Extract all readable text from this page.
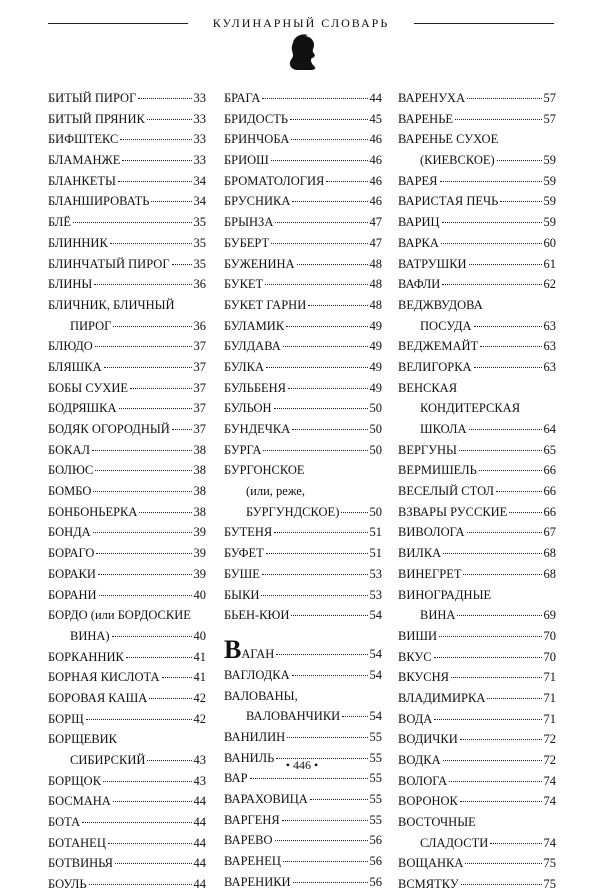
КУЛИНАРНЫЙ СЛОВАРЬ
БИТЫЙ ПИРОГ	33
БИТЫЙ ПРЯНИК	33
БИФШТЕКС	33
БЛАМАНЖЕ	33
БЛАНКЕТЫ	34
БЛАНШИРОВАТЬ	34
БЛЁ	35
БЛИННИК	35
БЛИНЧАТЫЙ ПИРОГ 35
БЛИНЫ	36
БЛИЧНИК, БЛИЧНЫЙ
ПИРОГ	36
БЛЮДО	37
БЛЯШКА	37
БОБЫ СУХИЕ	37
БОДРЯШКА	37
БОДЯК ОГОРОДНЫЙ 37
БОКАЛ	38
БОЛЮС	38
БОМБО	38
БОНБОНЬЕРКА	38
БОНДА	39
БОРАГО	39
БОРАКИ	39
БОРАНИ	40
БОРДО (или БОРДОСКИЕ
ВИНА)	40
БОРКАННИК	41
БОРНАЯ КИСЛОТА	41
БОРОВАЯ КАША	42
БОРЩ	42
БОРЩЕВИК
СИБИРСКИЙ	43
БОРЩОК	43
БОСМАНА	44
БОТА	44
БОТАНЕЦ	44
БОТВИНЬЯ	44
БОУЛЬ	44
БРАГА	44
БРИДОСТЬ	45
БРИНЧОБА	46
БРИОШ	46
БРОМАТОЛОГИЯ	46
БРУСНИКА	46
БРЫНЗА	47
БУБЕРТ	47
БУЖЕНИНА	48
БУКЕТ	48
БУКЕТ ГАРНИ	48
БУЛАМИК	49
БУЛДАВА	49
БУЛКА	49
БУЛЬБЕНЯ	49
БУЛЬОН	50
БУНДЕЧКА	50
БУРГА	50
БУРГОНСКОЕ
(или, реже,
БУРГУНДСКОЕ) 50
БУТЕНЯ	51
БУФЕТ	51
БУШЕ	53
БЫКИ	53
БЬЕН-КЮИ	54
В АГАН	54
ВАГЛОДКА	54
ВАЛОВАНЫ,
ВАЛОВАНЧИКИ 54
ВАНИЛИН	55
ВАНИЛЬ	55
ВАР	55
ВАРАХОВИЦА	55
ВАРГЕНЯ	55
ВАРЕВО	56
ВАРЕНЕЦ	56
ВАРЕНИКИ	56
ВАРЕНУХА	57
ВАРЕНЬЕ	57
ВАРЕНЬЕ СУХОЕ
(КИЕВСКОЕ)	59
ВАРЕЯ	59
ВАРИСТАЯ ПЕЧЬ	59
ВАРИЦ	59
ВАРКА	60
ВАТРУШКИ	61
ВАФЛИ	62
ВЕДЖВУДОВА
ПОСУДА	63
ВЕДЖЕМАЙТ	63
ВЕЛИГОРКА	63
ВЕНСКАЯ
КОНДИТЕРСКАЯ
ШКОЛА	64
ВЕРГУНЫ	65
ВЕРМИШЕЛЬ	66
ВЕСЕЛЫЙ СТОЛ	66
ВЗВАРЫ РУССКИЕ	66
ВИВОЛОГА	67
ВИЛКА	68
ВИНЕГРЕТ	68
ВИНОГРАДНЫЕ
ВИНА	69
ВИШИ	70
ВКУС	70
ВКУСНЯ	71
ВЛАДИМИРКА	71
ВОДА	71
ВОДИЧКИ	72
ВОДКА	72
ВОЛОГА	74
ВОРОНОК	74
ВОСТОЧНЫЕ
СЛАДОСТИ	74
ВОЩАНКА	75
ВСМЯТКУ	75
• 446 •
